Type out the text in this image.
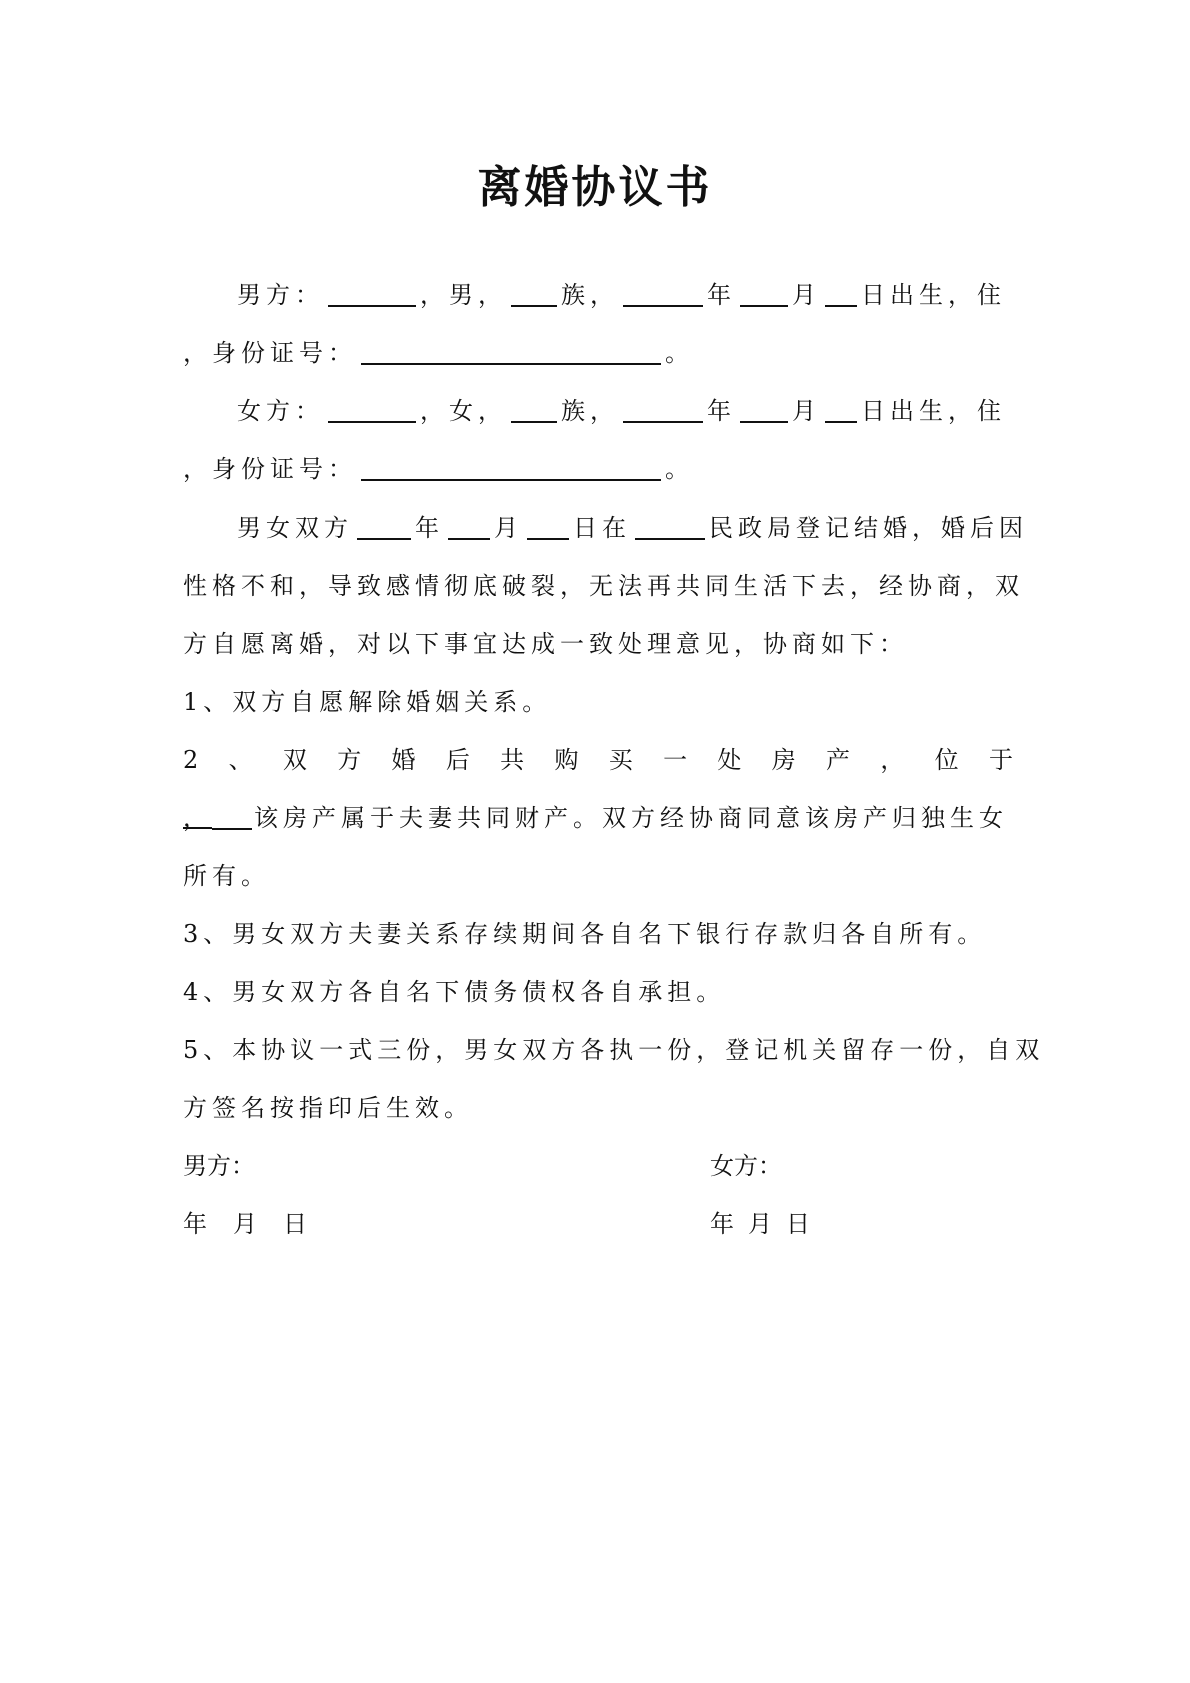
离婚协议书
男方：	，男， 族，	年 月 日出生，住
，身份证号：	。
女方：	，女， 族，	年 月 日出生，住
，身份证号：	。
男女双方	年 月 日在	民政局登记结婚，婚后因
性格不和，导致感情彻底破裂，无法再共同生活下去，经协商，双
方自愿离婚，对以下事宜达成一致处理意见，协商如下：
1、双方自愿解除婚姻关系。
2 、 双 方 婚 后 共 购 买 一 处 房 产 ， 位 于
， 该房产属于夫妻共同财产。双方经协商同意该房产归独生女
所有。
3、男女双方夫妻关系存续期间各自名下银行存款归各自所有。
4、男女双方各自名下债务债权各自承担。
5、本协议一式三份，男女双方各执一份，登记机关留存一份，自双
方签名按指印后生效。
男方：	女方：
年 月 日	年 月 日
